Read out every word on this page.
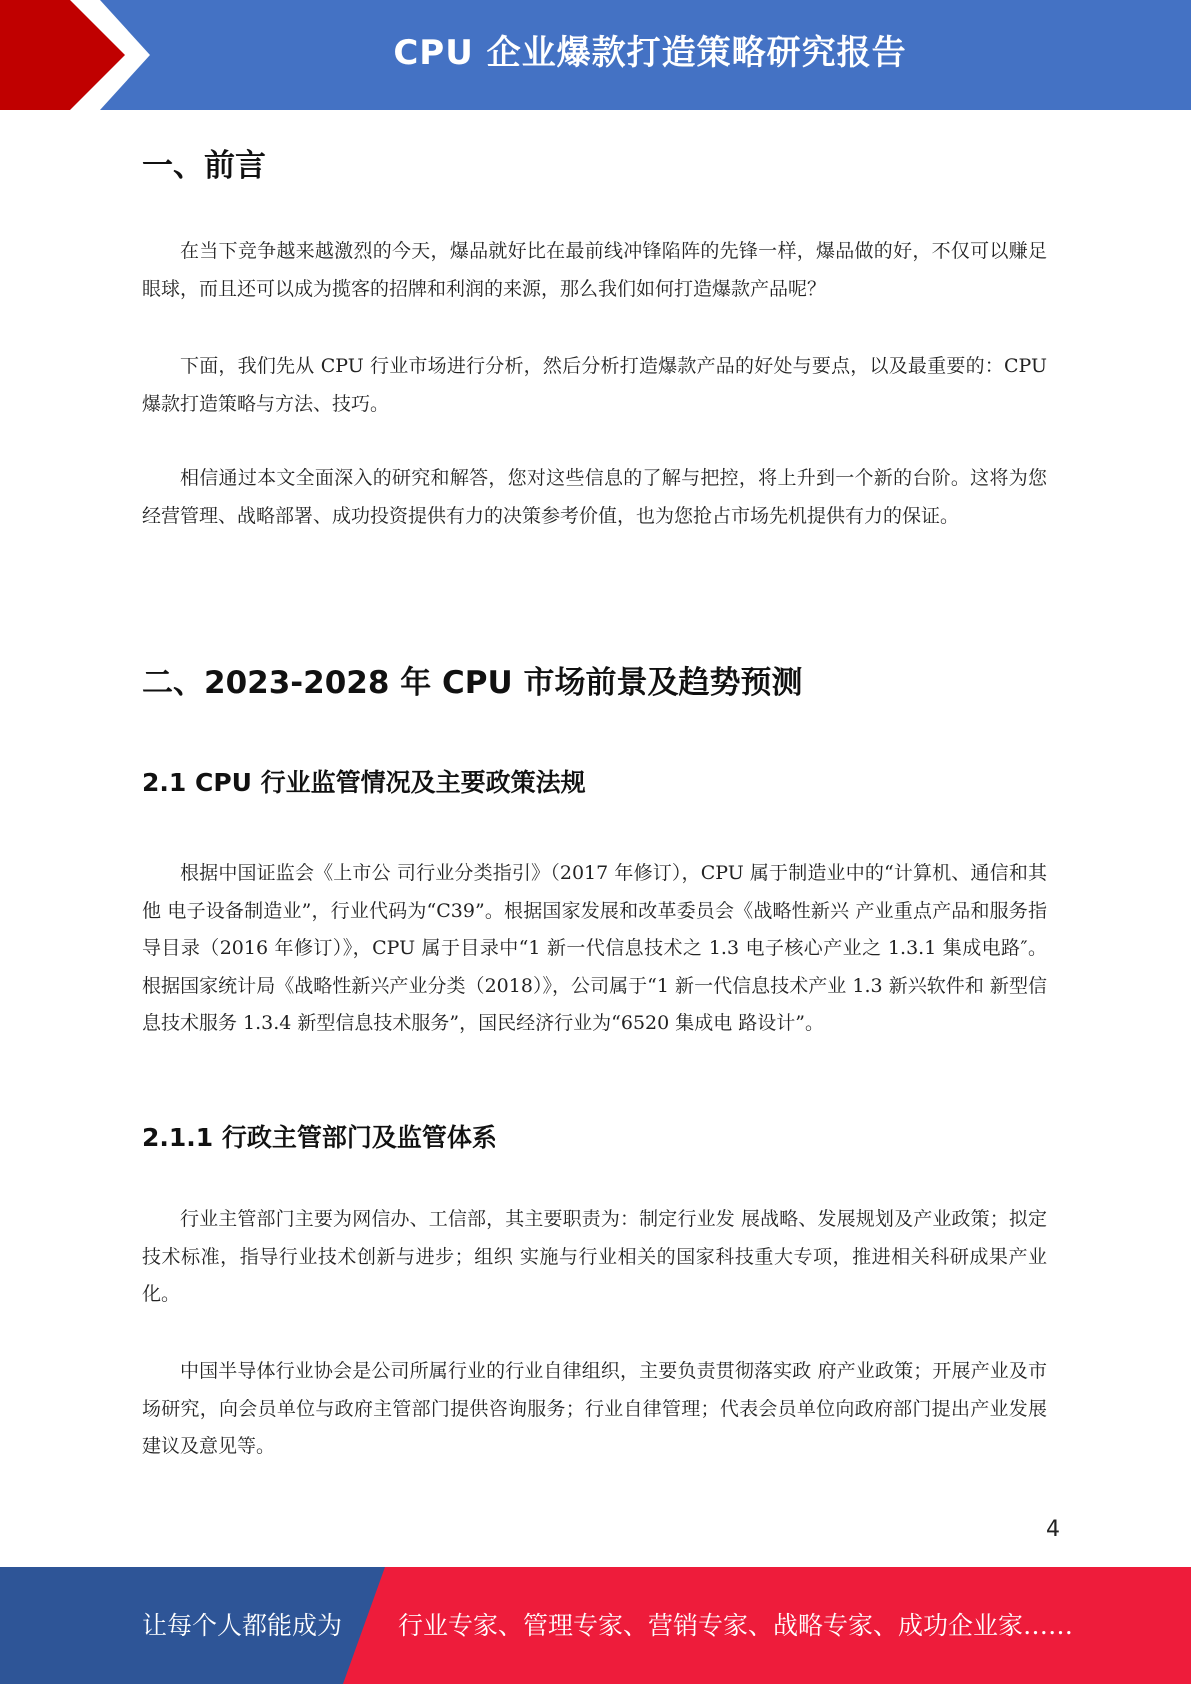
CPU 企业爆款打造策略研究报告
一、前言

在当下竞争越来越激烈的今天，爆品就好比在最前线冲锋陷阵的先锋一样，爆品做的好，不仅可以赚足眼球，而且还可以成为揽客的招牌和利润的来源，那么我们如何打造爆款产品呢？

下面，我们先从 CPU 行业市场进行分析，然后分析打造爆款产品的好处与要点，以及最重要的：CPU 爆款打造策略与方法、技巧。

相信通过本文全面深入的研究和解答，您对这些信息的了解与把控，将上升到一个新的台阶。这将为您经营管理、战略部署、成功投资提供有力的决策参考价值，也为您抢占市场先机提供有力的保证。

二、2023-2028 年 CPU 市场前景及趋势预测
2.1 CPU 行业监管情况及主要政策法规

根据中国证监会《上市公 司行业分类指引》（2017 年修订），CPU 属于制造业中的“计算机、通信和其他 电子设备制造业”，行业代码为“C39”。根据国家发展和改革委员会《战略性新兴 产业重点产品和服务指导目录（2016 年修订）》，CPU 属于目录中“1 新一代信息技术之 1.3 电子核心产业之 1.3.1 集成电路″。根据国家统计局《战略性新兴产业分类（2018）》，公司属于“1 新一代信息技术产业 1.3 新兴软件和 新型信息技术服务 1.3.4 新型信息技术服务”，国民经济行业为“6520 集成电 路设计”。

2.1.1 行政主管部门及监管体系

行业主管部门主要为网信办、工信部，其主要职责为：制定行业发 展战略、发展规划及产业政策；拟定技术标准，指导行业技术创新与进步；组织 实施与行业相关的国家科技重大专项，推进相关科研成果产业化。

中国半导体行业协会是公司所属行业的行业自律组织，主要负责贯彻落实政 府产业政策；开展产业及市场研究，向会员单位与政府主管部门提供咨询服务；行业自律管理；代表会员单位向政府部门提出产业发展建议及意见等。

4
让每个人都能成为 行业专家、管理专家、营销专家、战略专家、成功企业家……
